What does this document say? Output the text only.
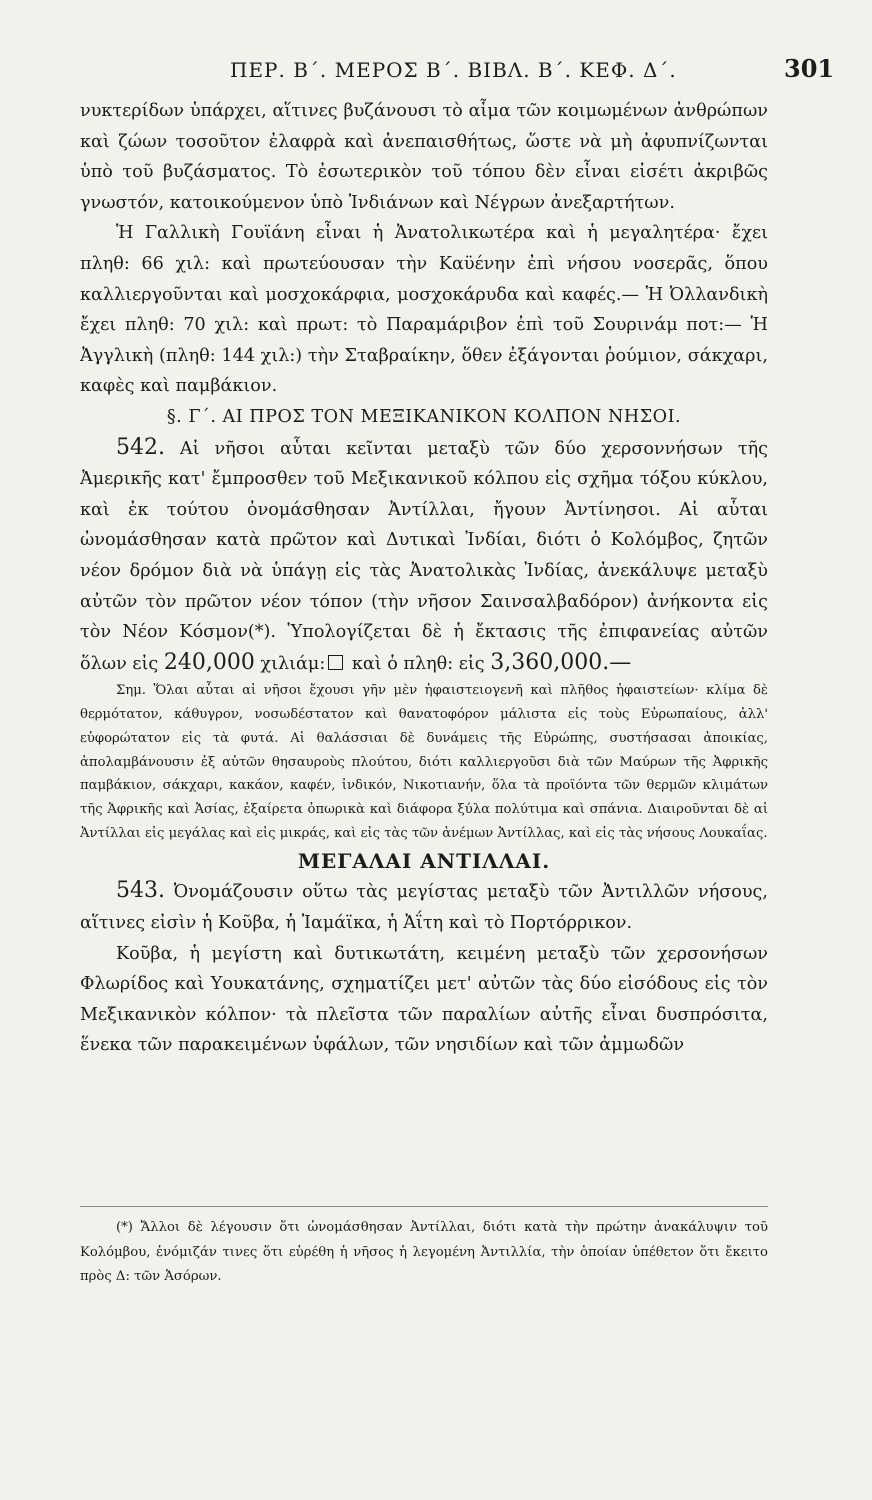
ΠΕΡ. Β΄. ΜΕΡΟΣ Β΄. ΒΙΒΛ. Β΄. ΚΕΦ. Δ΄.	301

νυκτερίδων ὑπάρχει, αἵτινες βυζάνουσι τὸ αἷμα τῶν κοιμωμένων ἀνθρώπων καὶ ζώων τοσοῦτον ἐλαφρὰ καὶ ἀνεπαισθήτως, ὥστε νὰ μὴ ἀφυπνίζωνται ὑπὸ τοῦ βυζάσματος. Τὸ ἐσωτερικὸν τοῦ τόπου δὲν εἶναι εἰσέτι ἀκριβῶς γνωστόν, κατοικούμενον ὑπὸ Ἰνδιάνων καὶ Νέγρων ἀνεξαρτήτων.

Ἡ Γαλλικὴ Γουϊάνη εἶναι ἡ Ἀνατολικωτέρα καὶ ἡ μεγαλητέρα· ἔχει πληθ: 66 χιλ: καὶ πρωτεύουσαν τὴν Καϋένην ἐπὶ νήσου νοσερᾶς, ὅπου καλλιεργοῦνται καὶ μοσχοκάρφια, μοσχοκάρυδα καὶ καφές.— Ἡ Ὀλλανδικὴ ἔχει πληθ: 70 χιλ: καὶ πρωτ: τὸ Παραμάριβον ἐπὶ τοῦ Σουρινάμ ποτ:— Ἡ Ἀγγλικὴ (πληθ: 144 χιλ:) τὴν Σταβραίκην, ὅθεν ἐξάγονται ῥούμιον, σάκχαρι, καφὲς καὶ παμβάκιον.

§. Γ΄. ΑΙ ΠΡΟΣ ΤΟΝ ΜΕΞΙΚΑΝΙΚΟΝ ΚΟΛΠΟΝ ΝΗΣΟΙ.

542. Αἱ νῆσοι αὗται κεῖνται μεταξὺ τῶν δύο χερσοννήσων τῆς Ἀμερικῆς κατ' ἔμπροσθεν τοῦ Μεξικανικοῦ κόλπου εἰς σχῆμα τόξου κύκλου, καὶ ἐκ τούτου ὀνομάσθησαν Ἀντίλλαι, ἤγουν Ἀντίνησοι. Αἱ αὗται ὠνομάσθησαν κατὰ πρῶτον καὶ Δυτικαὶ Ἰνδίαι, διότι ὁ Κολόμβος, ζητῶν νέον δρόμον διὰ νὰ ὑπάγῃ εἰς τὰς Ἀνατολικὰς Ἰνδίας, ἀνεκάλυψε μεταξὺ αὐτῶν τὸν πρῶτον νέον τόπον (τὴν νῆσον Σαινσαλβαδόρον) ἀνήκοντα εἰς τὸν Νέον Κόσμον(*). Ὑπολογίζεται δὲ ἡ ἔκτασις τῆς ἐπιφανείας αὐτῶν ὅλων εἰς 240,000 χιλιάμ: καὶ ὁ πληθ: εἰς 3,360,000.—

Σημ. Ὅλαι αὗται αἱ νῆσοι ἔχουσι γῆν μὲν ἡφαιστειογενῆ καὶ πλῆθος ἡφαιστείων· κλίμα δὲ θερμότατον, κάθυγρον, νοσωδέστατον καὶ θανατοφόρον μάλιστα εἰς τοὺς Εὐρωπαίους, ἀλλ' εὐφορώτατον εἰς τὰ φυτά. Αἱ θαλάσσιαι δὲ δυνάμεις τῆς Εὐρώπης, συστήσασαι ἀποικίας, ἀπολαμβάνουσιν ἐξ αὐτῶν θησαυροὺς πλούτου, διότι καλλιεργοῦσι διὰ τῶν Μαύρων τῆς Ἀφρικῆς παμβάκιον, σάκχαρι, κακάον, καφέν, ἰνδικόν, Νικοτιανήν, ὅλα τὰ προϊόντα τῶν θερμῶν κλιμάτων τῆς Ἀφρικῆς καὶ Ἀσίας, ἐξαίρετα ὀπωρικὰ καὶ διάφορα ξύλα πολύτιμα καὶ σπάνια. Διαιροῦνται δὲ αἱ Ἀντίλλαι εἰς μεγάλας καὶ εἰς μικράς, καὶ εἰς τὰς τῶν ἀνέμων Ἀντίλλας, καὶ εἰς τὰς νήσους Λουκαΐας.

ΜΕΓΑΛΑΙ ΑΝΤΙΛΛΑΙ.

543. Ὀνομάζουσιν οὕτω τὰς μεγίστας μεταξὺ τῶν Ἀντιλλῶν νήσους, αἵτινες εἰσὶν ἡ Κοῦβα, ἡ Ἰαμάϊκα, ἡ Ἀΐτη καὶ τὸ Πορτόρρικον.

Κοῦβα, ἡ μεγίστη καὶ δυτικωτάτη, κειμένη μεταξὺ τῶν χερσονήσων Φλωρίδος καὶ Υουκατάνης, σχηματίζει μετ' αὐτῶν τὰς δύο εἰσόδους εἰς τὸν Μεξικανικὸν κόλπον· τὰ πλεῖστα τῶν παραλίων αὐτῆς εἶναι δυσπρόσιτα, ἕνεκα τῶν παρακειμένων ὑφάλων, τῶν νησιδίων καὶ τῶν ἀμμωδῶν

(*) Ἄλλοι δὲ λέγουσιν ὅτι ὠνομάσθησαν Ἀντίλλαι, διότι κατὰ τὴν πρώτην ἀνακάλυψιν τοῦ Κολόμβου, ἐνόμιζάν τινες ὅτι εὑρέθη ἡ νῆσος ἡ λεγομένη Ἀντιλλία, τὴν ὁποίαν ὑπέθετον ὅτι ἔκειτο πρὸς Δ: τῶν Ἀσόρων.
